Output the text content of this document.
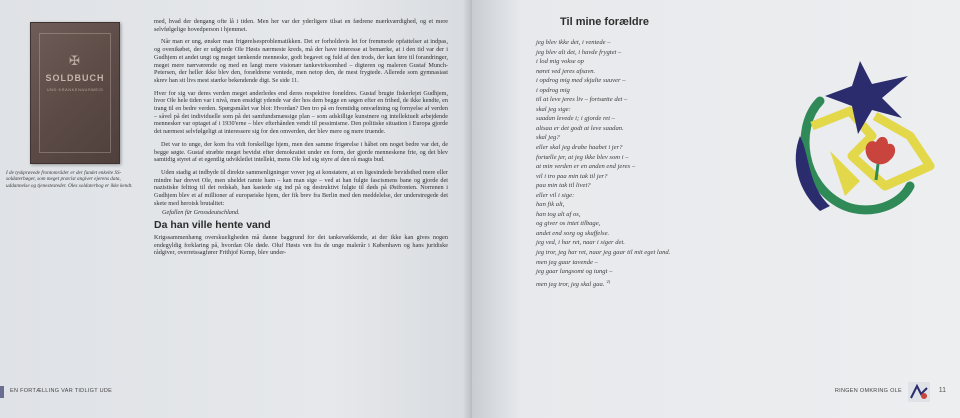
✠
SOLDBUCH
UND KRANKENAUSWEIS
I de tyskprøvede frontområder er der fundet enkelte SS-soldaterbøger, som meget præcist angiver ejerens data, uddannelse og tjenestesteder. Oles soldaterbog er ikke kendt.

med, hvad der dengang ofte lå i tiden. Men her var der yderligere tilsat en fædrene mærkværdighed, og et mere selvfølgelige hovedperson i hjemmet.

Når man er ung, ønsker man frigørelsesproblematikken. Det er forholdsvis let for fremmede opfattelser at indpas, og ovenikøbet, der er udgjorde Ole Høsts nærmeste kreds, må der have interesse at bemærke, at i den tid var der i Gudhjem et andet ungt og meget tænkende menneske, godt begavet og fuld af den trods, der kan føre til forandringer, meget mere nærværende og med en langt mere visionær tankevirksomhed – digteren og maleren Gustaf Munch-Petersen, der heller ikke blev den, forældrene ventede, men netop den, de mest frygtede. Allerede som gymnasiast skrev han sit livs mest stærke bekendende digt. Se side 11.

Hver for sig var deres verden meget anderledes end deres respektive forældres. Gustaf brugte fiskerlejet Gudhjem, hvor Ole hele tiden var i nivå, men ensidigt ydende var der hos dem begge en søgen efter en frihed, de ikke kendte, en trang til en bedre verden. Spørgsmålet var blot: Hvordan? Den tro på en fremtidig omvæltning og fornyelse af verden – såvel på det individuelle som på det samfundsmæssige plan – som adskillige kunstnere og intellektuelt arbejdende mennesker var optaget af i 1930'erne – blev efterhånden vendt til pessimisme. Den politiske situation i Europa gjorde det nærmest selvfølgeligt at interessere sig for den omverden, der blev mere og mere truende.

Det var to unge, der kom fra vidt forskellige hjem, men den samme frigørelse i håbet om noget bedre var det, de begge søgte. Gustaf stræbte meget bevidst efter demokratiet under en form, der gjorde menneskene frie, og det blev samtidig styret af et egentlig udvikletlet intellekt, mens Ole lod sig styre af den rå magts bud.

Uden stadig at indbyde til direkte sammenligninger vover jeg at konstatere, at en ligesindede bevidsthed mere eller mindre har drevet Ole, men uheldet ramte ham – kan man sige – ved at han fulgte fascismens bane og gjorde det nazistiske felttog til det redskab, han kastede sig ind på og destruktivt fulgte til døds på Østfronten. Norrenen i Gudhjem blev et af millioner af europæiske hjem, der fik brev fra Berlin med den meddelelse, der understregede det skete med heroisk brutalitet:

Gefallen für Grossdeutschland.

Da han ville hente vand

Krigssammenhæng overskueligheden må danne baggrund for det tankevækkende, at der ikke kan gives nogen endegyldig forklaring på, hvordan Ole døde. Oluf Høsts ven fra de unge malerår i København og hans juridiske rådgiver, overretssagfører Frithjof Kemp, blev under-

EN FORTÆLLING VAR TIDLIGT UDE	RINGEN OMKRING OLE	11
Til mine forældre
jeg blev ikke det, i ventede –
jeg blev alt det, i havde frygtet –
i lod mig vokse op
nøret ved jeres afsavn.
i opdrog mig med skjulte suuver –
i opdrog mig
til at leve jeres liv – fortsætte det –
skal jeg sige:
saadan levede i; i gjorde ret –
altsaa er det godt at leve saadan.
skal jeg?
eller skal jeg drabe haabet i jer?
fortælle jer, at jeg ikke blev som i –
at min verden er en anden end jeres –
vil i tro paa min tak til jer?
paa min tak til livet?
eller vil i sige:
han fik alt,
han tog alt af os,
og giver os intet tilbage,
andet end sorg og skuffelse.
jeg ved, i har ret, naar i siger det.
jeg tror, jeg har ret, naar jeg gaar til mit eget land.
men jeg gaar tavende –
jeg gaar langsomt og tungt –
men jeg tror, jeg skal gaa. $^{2)}$
